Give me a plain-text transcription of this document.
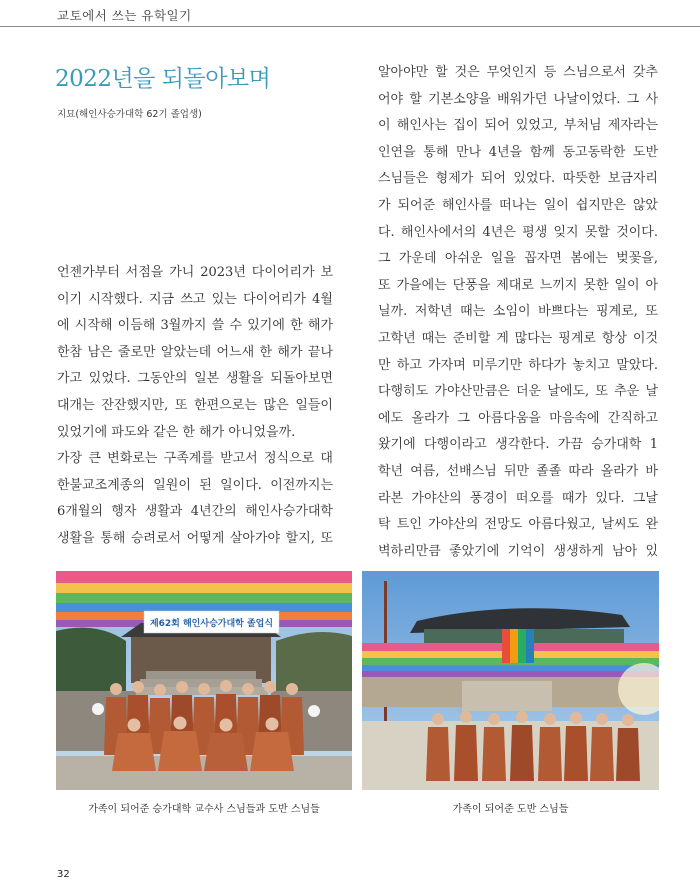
교토에서 쓰는 유학일기
2022년을 되돌아보며
지묘(해인사승가대학 62기 졸업생)
언젠가부터 서점을 가니 2023년 다이어리가 보
이기 시작했다. 지금 쓰고 있는 다이어리가 4월
에 시작해 이듬해 3월까지 쓸 수 있기에 한 해가
한참 남은 줄로만 알았는데 어느새 한 해가 끝나
가고 있었다. 그동안의 일본 생활을 되돌아보면
대개는 잔잔했지만, 또 한편으로는 많은 일들이
있었기에 파도와 같은 한 해가 아니었을까.
가장 큰 변화로는 구족계를 받고서 정식으로 대
한불교조계종의 일원이 된 일이다. 이전까지는
6개월의 행자 생활과 4년간의 해인사승가대학
생활을 통해 승려로서 어떻게 살아가야 할지, 또
알아야만 할 것은 무엇인지 등 스님으로서 갖추
어야 할 기본소양을 배워가던 나날이었다. 그 사
이 해인사는 집이 되어 있었고, 부처님 제자라는
인연을 통해 만나 4년을 함께 동고동락한 도반
스님들은 형제가 되어 있었다. 따뜻한 보금자리
가 되어준 해인사를 떠나는 일이 쉽지만은 않았
다. 해인사에서의 4년은 평생 잊지 못할 것이다.
그 가운데 아쉬운 일을 꼽자면 봄에는 벚꽃을,
또 가을에는 단풍을 제대로 느끼지 못한 일이 아
닐까. 저학년 때는 소임이 바쁘다는 핑계로, 또
고학년 때는 준비할 게 많다는 핑계로 항상 이것
만 하고 가자며 미루기만 하다가 놓치고 말았다.
다행히도 가야산만큼은 더운 날에도, 또 추운 날
에도 올라가 그 아름다움을 마음속에 간직하고
왔기에 다행이라고 생각한다. 가끔 승가대학 1
학년 여름, 선배스님 뒤만 졸졸 따라 올라가 바
라본 가야산의 풍경이 떠오를 때가 있다. 그날
탁 트인 가야산의 전망도 아름다웠고, 날씨도 완
벽하리만큼 좋았기에 기억이 생생하게 남아 있
제62회 해인사승가대학 졸업식
가족이 되어준 승가대학 교수사 스님들과 도반 스님들	가족이 되어준 도반 스님들
32
